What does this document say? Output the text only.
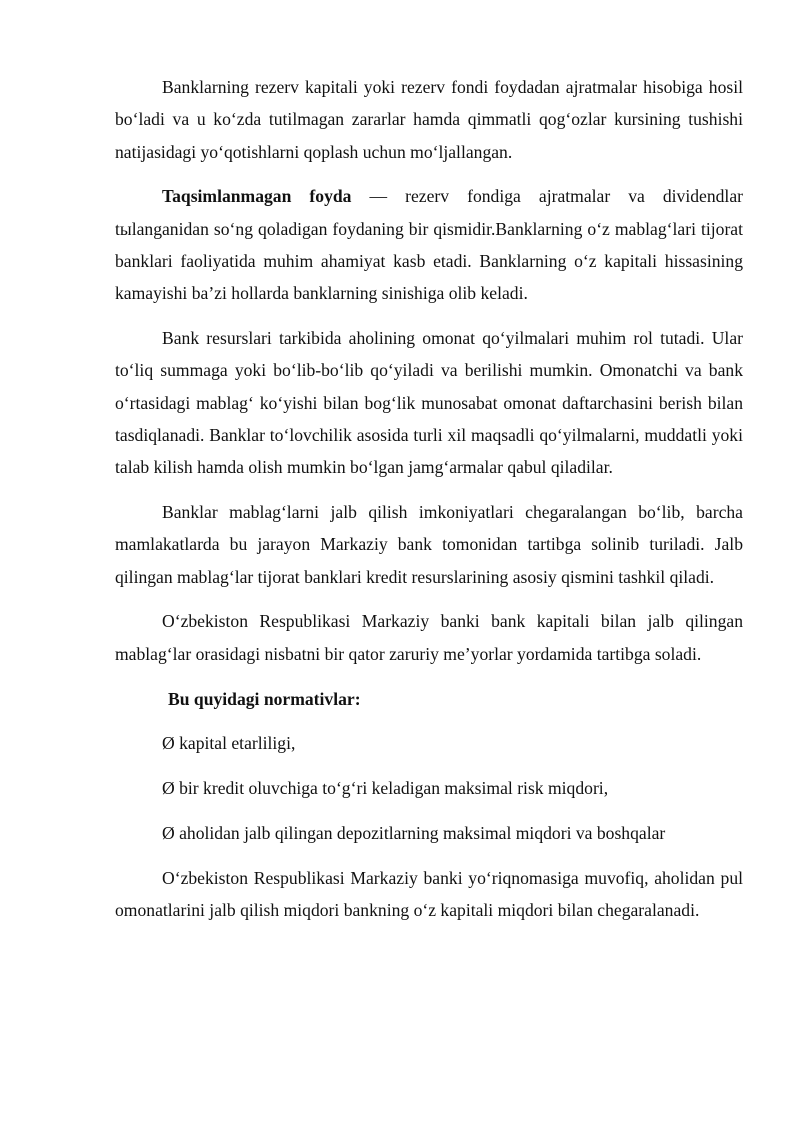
Banklarning rezerv kapitali yoki rezerv fondi foydadan ajratmalar hisobiga hosil bo‘ladi va u ko‘zda tutilmagan zararlar hamda qimmatli qog‘ozlar kursining tushishi natijasidagi yo‘qotishlarni qoplash uchun mo‘ljallangan.

Taqsimlanmagan foyda — rezerv fondiga ajratmalar va dividendlar tыlanganidan so‘ng qoladigan foydaning bir qismidir.Banklarning o‘z mablag‘lari tijorat banklari faoliyatida muhim ahamiyat kasb etadi. Banklarning o‘z kapitali hissasining kamayishi ba’zi hollarda banklarning sinishiga olib keladi.

Bank resurslari tarkibida aholining omonat qo‘yilmalari muhim rol tutadi. Ular to‘liq summaga yoki bo‘lib-bo‘lib qo‘yiladi va berilishi mumkin. Omonatchi va bank o‘rtasidagi mablag‘ ko‘yishi bilan bog‘lik munosabat omonat daftarchasini berish bilan tasdiqlanadi. Banklar to‘lovchilik asosida turli xil maqsadli qo‘yilmalarni, muddatli yoki talab kilish hamda olish mumkin bo‘lgan jamg‘armalar qabul qiladilar.

Banklar mablag‘larni jalb qilish imkoniyatlari chegaralangan bo‘lib, barcha mamlakatlarda bu jarayon Markaziy bank tomonidan tartibga solinib turiladi. Jalb qilingan mablag‘lar tijorat banklari kredit resurslarining asosiy qismini tashkil qiladi.

O‘zbekiston Respublikasi Markaziy banki bank kapitali bilan jalb qilingan mablag‘lar orasidagi nisbatni bir qator zaruriy me’yorlar yordamida tartibga soladi.

Bu quyidagi normativlar:

Ø kapital etarliligi,

Ø bir kredit oluvchiga to‘g‘ri keladigan maksimal risk miqdori,

Ø aholidan jalb qilingan depozitlarning maksimal miqdori va boshqalar

O‘zbekiston Respublikasi Markaziy banki yo‘riqnomasiga muvofiq, aholidan pul omonatlarini jalb qilish miqdori bankning o‘z kapitali miqdori bilan chegaralanadi.
